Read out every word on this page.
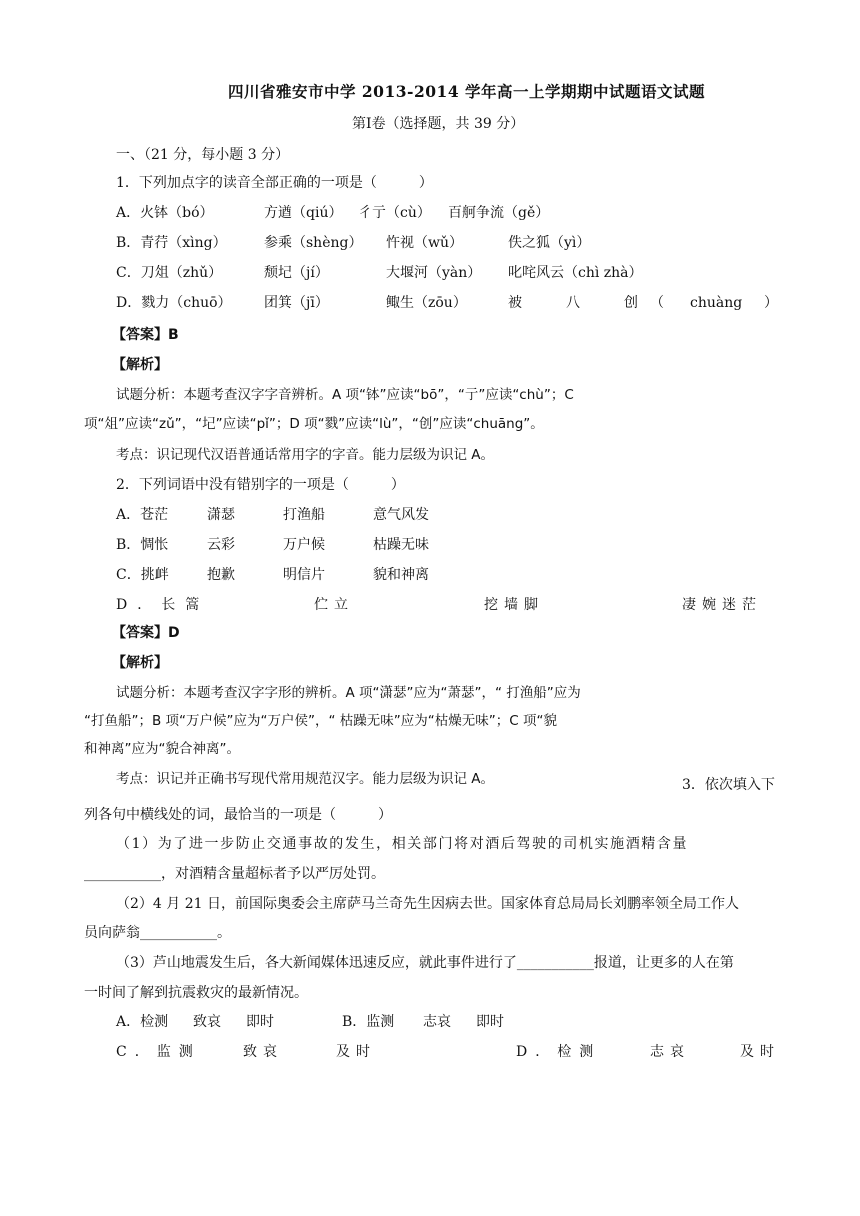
四川省雅安市中学 2013-2014 学年高一上学期期中试题语文试题
第Ⅰ卷（选择题，共 39 分）
一、（21 分，每小题 3 分）
1．下列加点字的读音全部正确的一项是（　　　）
A．火钵（bó）	方遒（qiú） 彳亍（cù） 百舸争流（gě）
B．青荇（xìng）	参乘（shèng） 忤视（wǔ）	佚之狐（yì）
C．刀俎（zhǔ）	颓圮（jí）	大堰河（yàn） 叱咤风云（chì zhà）
D．戮力（chuō） 团箕（jī）	鲰生（zōu）	被	八	创 （ chuàng ）
【答案】B
【解析】
试题分析：本题考查汉字字音辨析。A 项“钵”应读“bō”，“亍”应读“chù”；C
项“俎”应读“zǔ”，“圮”应读“pǐ”；D 项“戮”应读“lù”，“创”应读“chuāng”。
考点：识记现代汉语普通话常用字的字音。能力层级为识记 A。
2．下列词语中没有错别字的一项是（　　　）
A．苍茫	潇瑟	打渔船	意气风发
B．惆怅	云彩	万户候	枯躁无味
C．挑衅	抱歉	明信片	貌和神离
D．长篙	伫立	挖墙脚	凄婉迷茫
【答案】D
【解析】
试题分析：本题考查汉字字形的辨析。A 项“潇瑟”应为“萧瑟”，“ 打渔船”应为
“打鱼船”；B 项“万户候”应为“万户侯”，“ 枯躁无味”应为“枯燥无味”；C 项“貌
和神离”应为“貌合神离”。
考点：识记并正确书写现代常用规范汉字。能力层级为识记 A。	3．依次填入下
列各句中横线处的词，最恰当的一项是（　　　）
（1）为了进一步防止交通事故的发生，相关部门将对酒后驾驶的司机实施酒精含量
___________，对酒精含量超标者予以严厉处罚。
（2）4 月 21 日，前国际奥委会主席萨马兰奇先生因病去世。国家体育总局局长刘鹏率领全局工作人
员向萨翁___________。
（3）芦山地震发生后，各大新闻媒体迅速反应，就此事件进行了___________报道，让更多的人在第
一时间了解到抗震救灾的最新情况。
A．检测 致哀 即时	B．监测 志哀 即时
C．监测	致哀	及时	D．检测	志哀	及时
